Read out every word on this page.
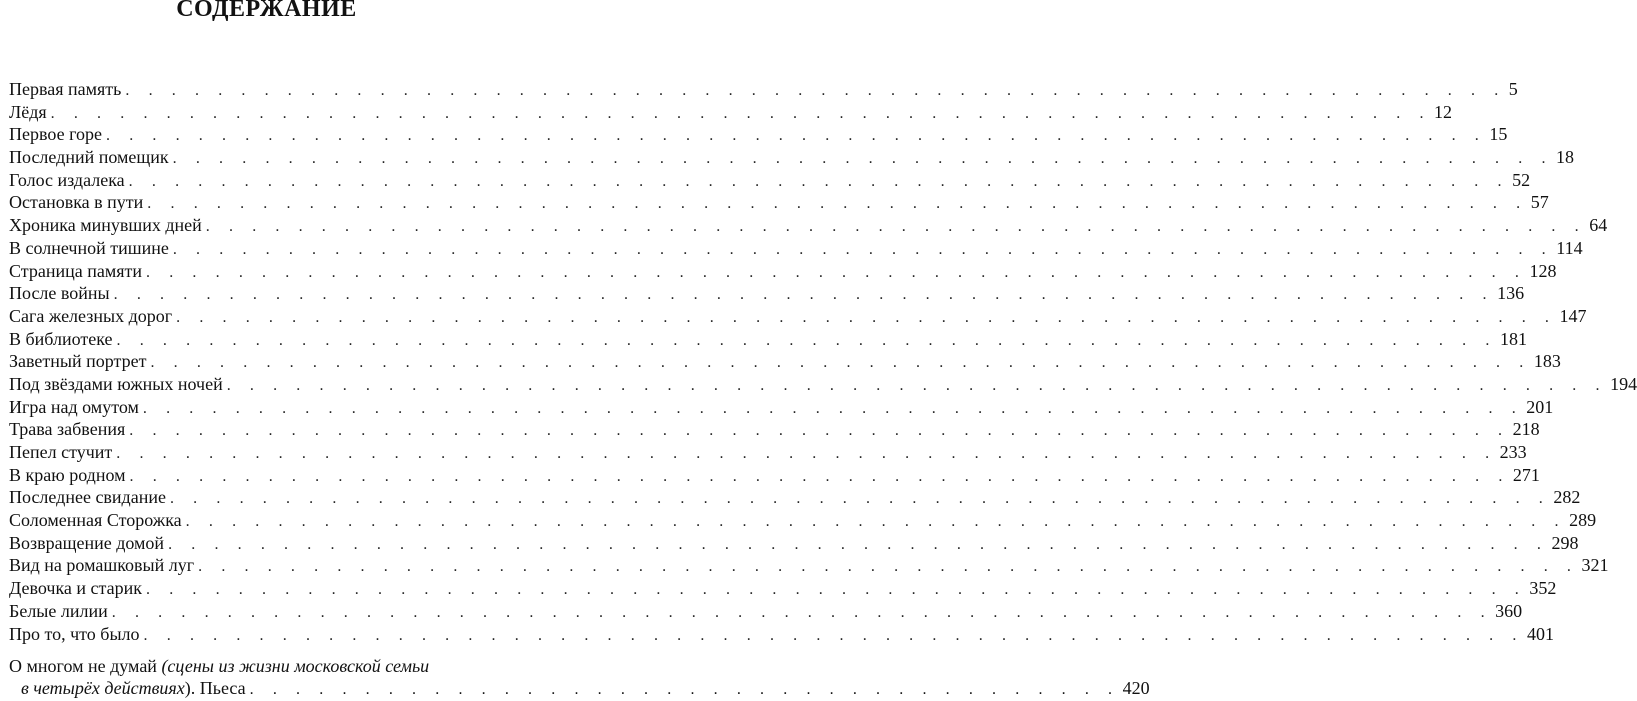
СОДЕРЖАНИЕ
Первая память . . . . . . . . . . . . . . . . . . . . . . . . . . . . . . . . . . . . . . . . . . . . . . . . . . . . . . . . . . . . 5
Лёдя . . . . . . . . . . . . . . . . . . . . . . . . . . . . . . . . . . . . . . . . . . . . . . . . . . . . . . . . . . . . 12
Первое горе . . . . . . . . . . . . . . . . . . . . . . . . . . . . . . . . . . . . . . . . . . . . . . . . . . . . . . . . . . . . 15
Последний помещик . . . . . . . . . . . . . . . . . . . . . . . . . . . . . . . . . . . . . . . . . . . . . . . . . . . . . . . . . . . . 18
Голос издалека . . . . . . . . . . . . . . . . . . . . . . . . . . . . . . . . . . . . . . . . . . . . . . . . . . . . . . . . . . . . 52
Остановка в пути . . . . . . . . . . . . . . . . . . . . . . . . . . . . . . . . . . . . . . . . . . . . . . . . . . . . . . . . . . . . 57
Хроника минувших дней . . . . . . . . . . . . . . . . . . . . . . . . . . . . . . . . . . . . . . . . . . . . . . . . . . . . . . . . . . . . 64
В солнечной тишине . . . . . . . . . . . . . . . . . . . . . . . . . . . . . . . . . . . . . . . . . . . . . . . . . . . . . . . . . . . . 114
Страница памяти . . . . . . . . . . . . . . . . . . . . . . . . . . . . . . . . . . . . . . . . . . . . . . . . . . . . . . . . . . . . 128
После войны . . . . . . . . . . . . . . . . . . . . . . . . . . . . . . . . . . . . . . . . . . . . . . . . . . . . . . . . . . . . 136
Сага железных дорог . . . . . . . . . . . . . . . . . . . . . . . . . . . . . . . . . . . . . . . . . . . . . . . . . . . . . . . . . . . . 147
В библиотеке . . . . . . . . . . . . . . . . . . . . . . . . . . . . . . . . . . . . . . . . . . . . . . . . . . . . . . . . . . . . 181
Заветный портрет . . . . . . . . . . . . . . . . . . . . . . . . . . . . . . . . . . . . . . . . . . . . . . . . . . . . . . . . . . . . 183
Под звёздами южных ночей . . . . . . . . . . . . . . . . . . . . . . . . . . . . . . . . . . . . . . . . . . . . . . . . . . . . . . . . . . . . 194
Игра над омутом . . . . . . . . . . . . . . . . . . . . . . . . . . . . . . . . . . . . . . . . . . . . . . . . . . . . . . . . . . . . 201
Трава забвения . . . . . . . . . . . . . . . . . . . . . . . . . . . . . . . . . . . . . . . . . . . . . . . . . . . . . . . . . . . . 218
Пепел стучит . . . . . . . . . . . . . . . . . . . . . . . . . . . . . . . . . . . . . . . . . . . . . . . . . . . . . . . . . . . . 233
В краю родном . . . . . . . . . . . . . . . . . . . . . . . . . . . . . . . . . . . . . . . . . . . . . . . . . . . . . . . . . . . . 271
Последнее свидание . . . . . . . . . . . . . . . . . . . . . . . . . . . . . . . . . . . . . . . . . . . . . . . . . . . . . . . . . . . . 282
Соломенная Сторожка . . . . . . . . . . . . . . . . . . . . . . . . . . . . . . . . . . . . . . . . . . . . . . . . . . . . . . . . . . . . 289
Возвращение домой . . . . . . . . . . . . . . . . . . . . . . . . . . . . . . . . . . . . . . . . . . . . . . . . . . . . . . . . . . . . 298
Вид на ромашковый луг . . . . . . . . . . . . . . . . . . . . . . . . . . . . . . . . . . . . . . . . . . . . . . . . . . . . . . . . . . . . 321
Девочка и старик . . . . . . . . . . . . . . . . . . . . . . . . . . . . . . . . . . . . . . . . . . . . . . . . . . . . . . . . . . . . 352
Белые лилии . . . . . . . . . . . . . . . . . . . . . . . . . . . . . . . . . . . . . . . . . . . . . . . . . . . . . . . . . . . . 360
Про то, что было . . . . . . . . . . . . . . . . . . . . . . . . . . . . . . . . . . . . . . . . . . . . . . . . . . . . . . . . . . . . 401
О многом не думай (сцены из жизни московской семьи
в четырёх действиях). Пьеса . . . . . . . . . . . . . . . . . . . . . . . . . . . . . . . . . . . . . . 420
